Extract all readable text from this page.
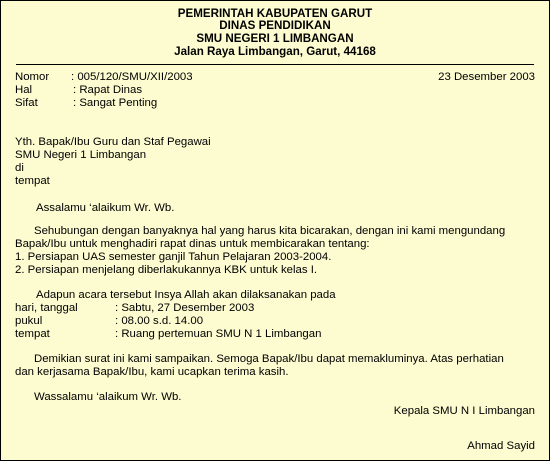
PEMERINTAH KABUPATEN GARUT
DINAS PENDIDIKAN
SMU NEGERI 1 LIMBANGAN
Jalan Raya Limbangan, Garut, 44168
Nomor : 005/120/SMU/XII/2003	23 Desember 2003
Hal	: Rapat Dinas
Sifat	: Sangat Penting
Yth. Bapak/Ibu Guru dan Staf Pegawai
SMU Negeri 1 Limbangan
di
tempat
Assalamu ‘alaikum Wr. Wb.
Sehubungan dengan banyaknya hal yang harus kita bicarakan, dengan ini kami mengundang
Bapak/Ibu untuk menghadiri rapat dinas untuk membicarakan tentang:
1. Persiapan UAS semester ganjil Tahun Pelajaran 2003-2004.
2. Persiapan menjelang diberlakukannya KBK untuk kelas I.
Adapun acara tersebut Insya Allah akan dilaksanakan pada
hari, tanggal	: Sabtu, 27 Desember 2003
pukul	: 08.00 s.d. 14.00
tempat	: Ruang pertemuan SMU N 1 Limbangan
Demikian surat ini kami sampaikan. Semoga Bapak/Ibu dapat memakluminya. Atas perhatian
dan kerjasama Bapak/Ibu, kami ucapkan terima kasih.
Wassalamu ‘alaikum Wr. Wb.
Kepala SMU N I Limbangan
Ahmad Sayid
